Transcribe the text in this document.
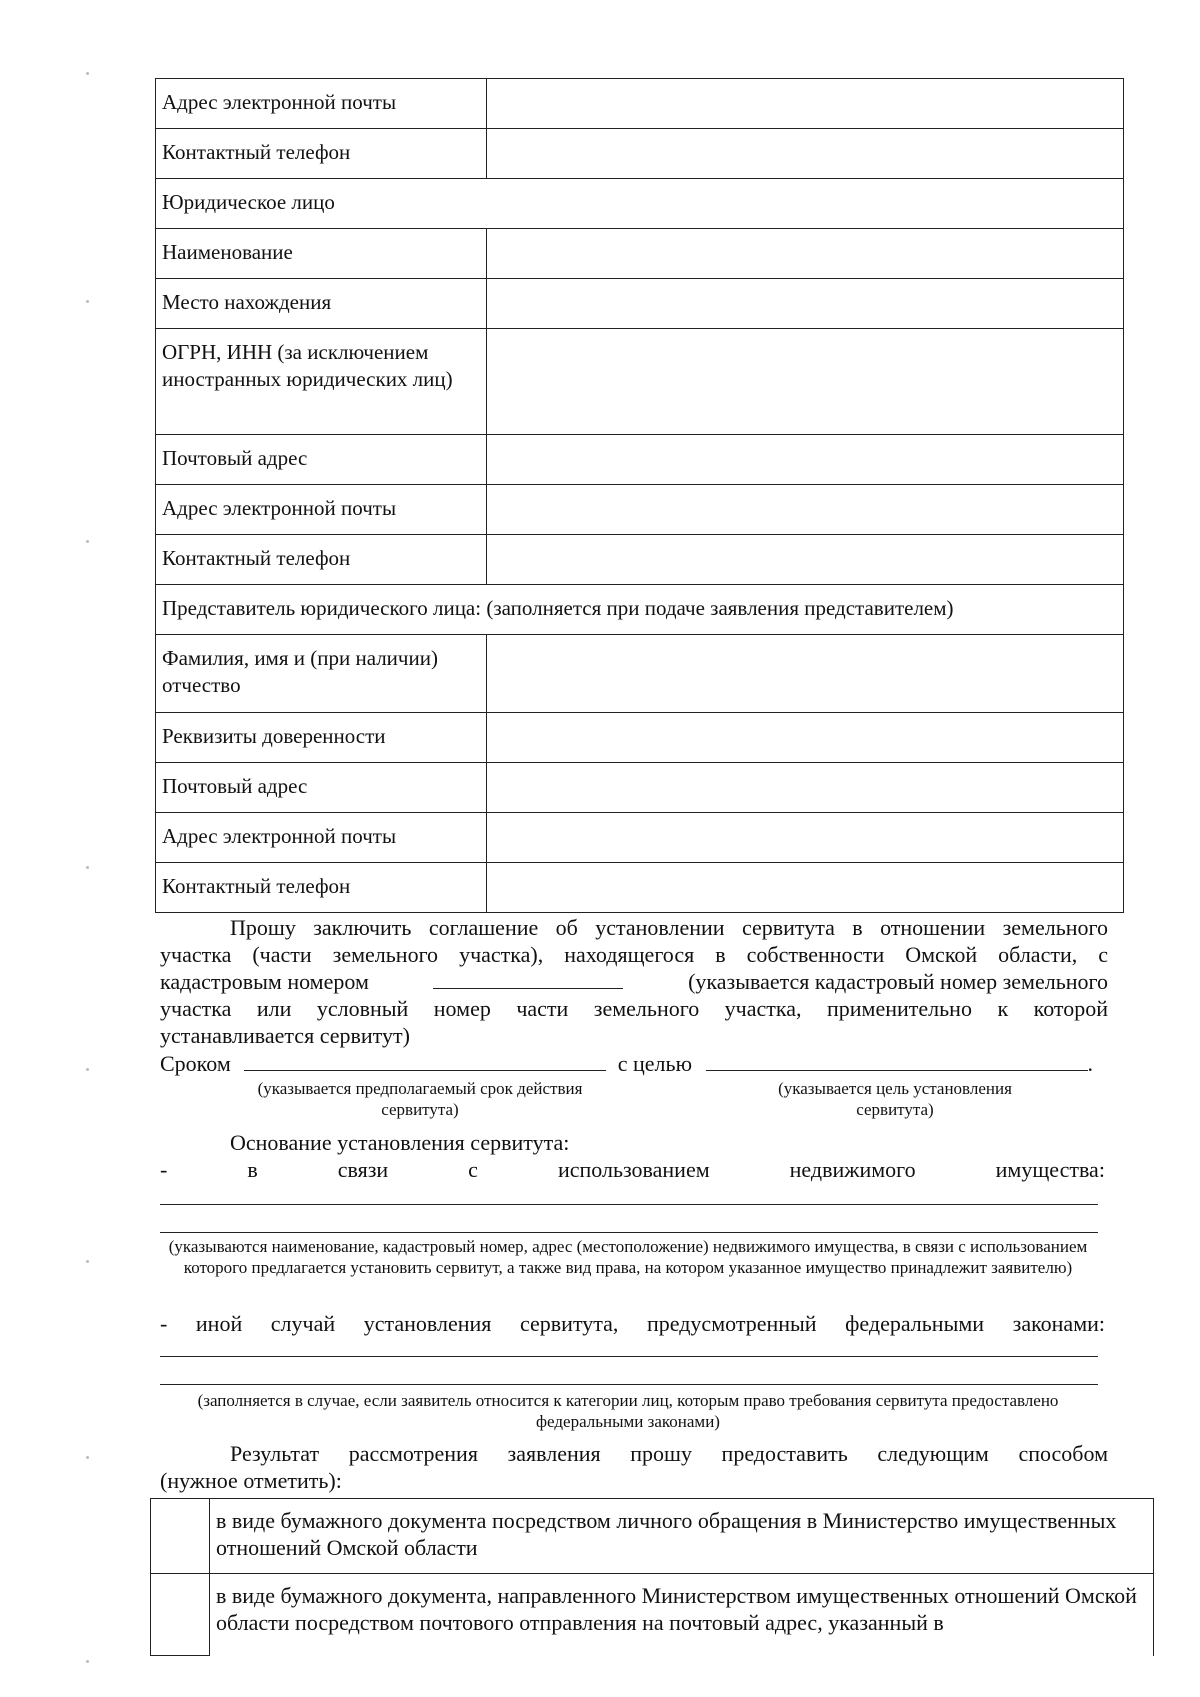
Адрес электронной почты	
Контактный телефон	
Юридическое лицо	
Наименование	
Место нахождения	
ОГРН, ИНН (за исключением иностранных юридических лиц)	
Почтовый адрес	
Адрес электронной почты	
Контактный телефон	
Представитель юридического лица: (заполняется при подаче заявления представителем)	
Фамилия, имя и (при наличии) отчество	
Реквизиты доверенности	
Почтовый адрес	
Адрес электронной почты	
Контактный телефон	
Прошу заключить соглашение об установлении сервитута в отношении земельного
участка (части земельного участка), находящегося в собственности Омской области, с
кадастровым номером	(указывается кадастровый номер земельного
участка или условный номер части земельного участка, применительно к которой
устанавливается сервитут)
Сроком	с целью	.
(указывается предполагаемый срок действия сервитута)
(указывается цель установления сервитута)
Основание установления сервитута:
-	в	связи	с	использованием	недвижимого	имущества:
(указываются наименование, кадастровый номер, адрес (местоположение) недвижимого имущества, в связи с использованием которого предлагается установить сервитут, а также вид права, на котором указанное имущество принадлежит заявителю)
- иной случай установления сервитута, предусмотренный федеральными законами:
(заполняется в случае, если заявитель относится к категории лиц, которым право требования сервитута предоставлено федеральными законами)
Результат рассмотрения заявления прошу предоставить следующим способом
(нужное отметить):
	в виде бумажного документа посредством личного обращения в Министерство имущественных отношений Омской области
	в виде бумажного документа, направленного Министерством имущественных отношений Омской области посредством почтового отправления на почтовый адрес, указанный в
